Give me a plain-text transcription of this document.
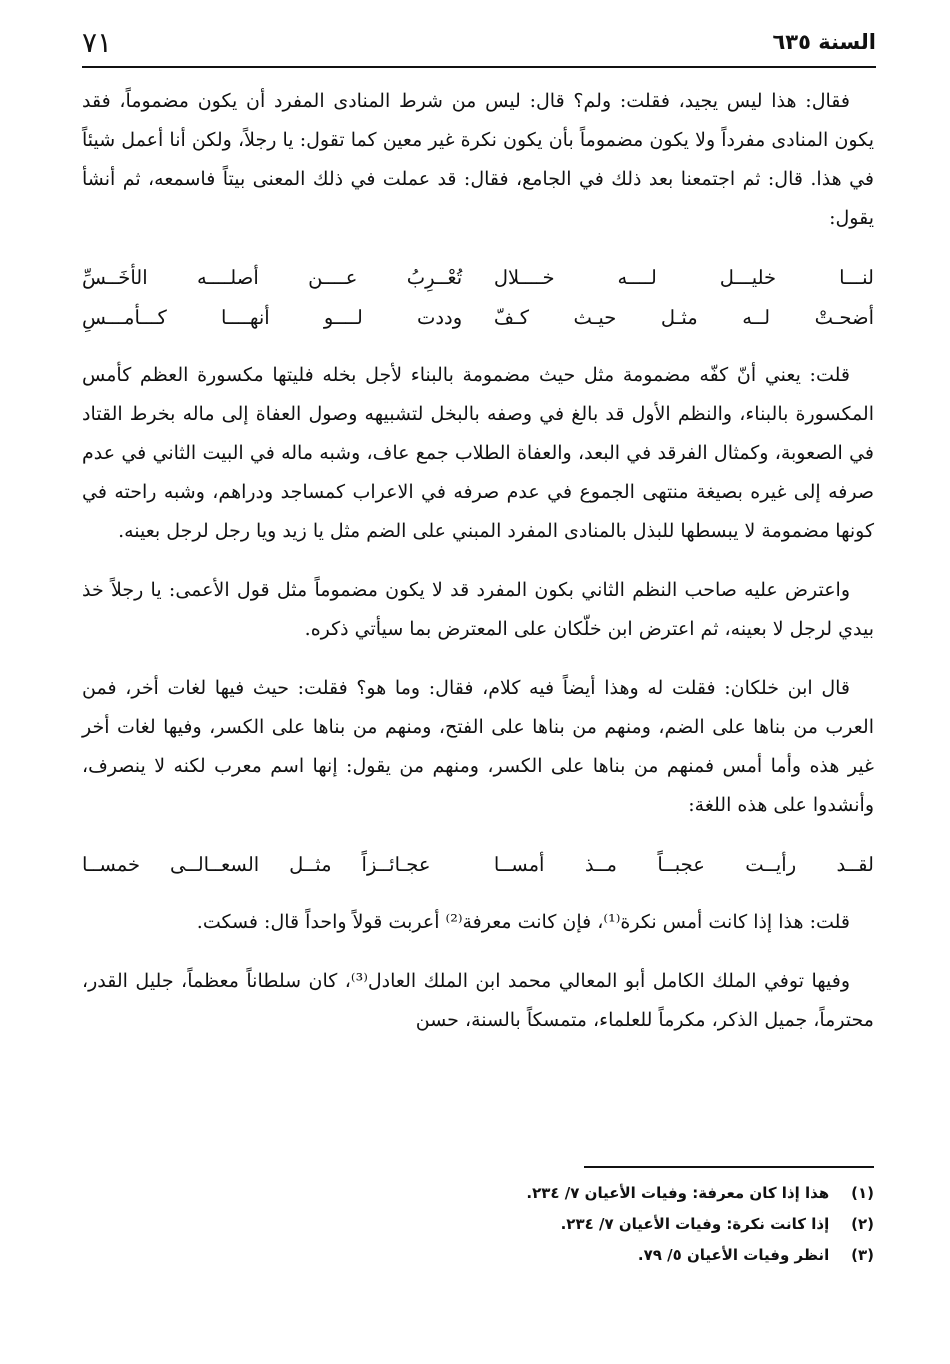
السنة ٦٣٥
٧١

فقال: هذا ليس يجيد، فقلت: ولم؟ قال: ليس من شرط المنادى المفرد أن يكون مضموماً، فقد يكون المنادى مفرداً ولا يكون مضموماً بأن يكون نكرة غير معين كما تقول: يا رجلاً، ولكن أنا أعمل شيئاً في هذا. قال: ثم اجتمعنا بعد ذلك في الجامع، فقال: قد عملت في ذلك المعنى بيتاً فاسمعه، ثم أنشأ يقول:

لنـــا خليـــل لــــه خــــلال
تُعْــرِبُ عــــن أصلــــه الأخَــسِّ
أضحـتْ لــه مثـل حيـث كـفّ
وددت لــــو أنهــــا كـــأمـــسِ

قلت: يعني أنّ كفّه مضمومة مثل حيث مضمومة بالبناء لأجل بخله فليتها مكسورة العظم كأمس المكسورة بالبناء، والنظم الأول قد بالغ في وصفه بالبخل لتشبيهه وصول العفاة إلى ماله بخرط القتاد في الصعوبة، وكمثال الفرقد في البعد، والعفاة الطلاب جمع عاف، وشبه ماله في البيت الثاني في عدم صرفه إلى غيره بصيغة منتهى الجموع في عدم صرفه في الاعراب كمساجد ودراهم، وشبه راحته في كونها مضمومة لا يبسطها للبذل بالمنادى المفرد المبني على الضم مثل يا زيد ويا رجل لرجل بعينه.

واعترض عليه صاحب النظم الثاني بكون المفرد قد لا يكون مضموماً مثل قول الأعمى: يا رجلاً خذ بيدي لرجل لا بعينه، ثم اعترض ابن خلّكان على المعترض بما سيأتي ذكره.

قال ابن خلكان: فقلت له وهذا أيضاً فيه كلام، فقال: وما هو؟ فقلت: حيث فيها لغات أخر، فمن العرب من بناها على الضم، ومنهم من بناها على الفتح، ومنهم من بناها على الكسر، وفيها لغات أخر غير هذه وأما أمس فمنهم من بناها على الكسر، ومنهم من يقول: إنها اسم معرب لكنه لا ينصرف، وأنشدوا على هذه اللغة:

لقــد رأيــت عجبــاً مــذ أمســا
عجـائــزاً مثــل السعــالــى خمســا

قلت: هذا إذا كانت أمس نكرة⁽¹⁾، فإن كانت معرفة⁽²⁾ أعربت قولاً واحداً قال: فسكت.

وفيها توفي الملك الكامل أبو المعالي محمد ابن الملك العادل⁽³⁾، كان سلطاناً معظماً، جليل القدر، محترماً، جميل الذكر، مكرماً للعلماء، متمسكاً بالسنة، حسن

(١) هذا إذا كان معرفة: وفيات الأعيان ٧/ ٢٣٤.
(٢) إذا كانت نكرة: وفيات الأعيان ٧/ ٢٣٤.
(٣) انظر وفيات الأعيان ٥/ ٧٩.
